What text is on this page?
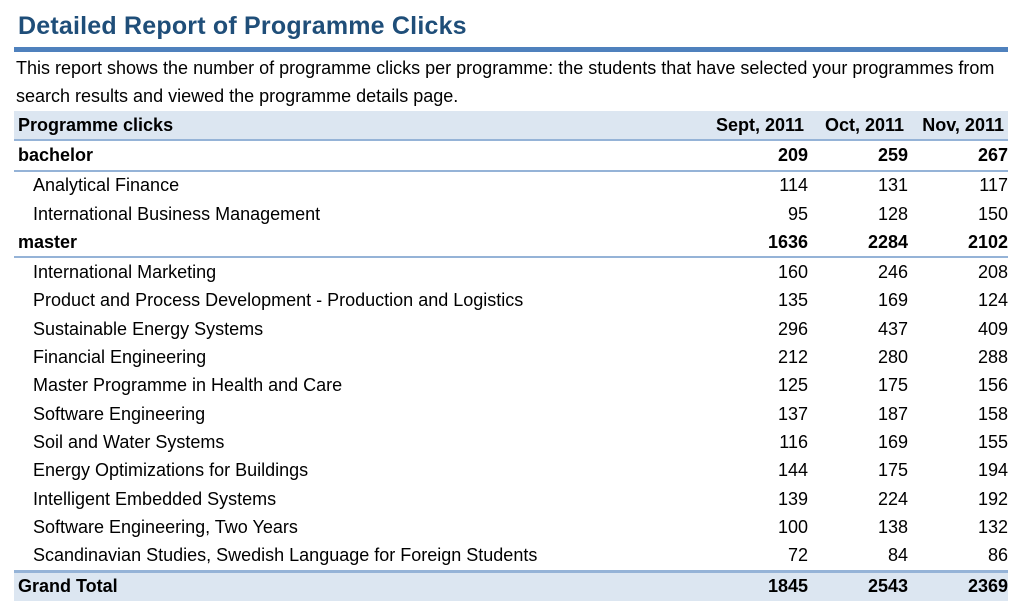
Detailed Report of Programme Clicks
This report shows the number of programme clicks per programme: the students that have selected your programmes from search results and viewed the programme details page.
Programme clicks	Sept, 2011	Oct, 2011	Nov, 2011
bachelor	209	259	267
Analytical Finance	114	131	117
International Business Management	95	128	150
master	1636	2284	2102
International Marketing	160	246	208
Product and Process Development - Production and Logistics	135	169	124
Sustainable Energy Systems	296	437	409
Financial Engineering	212	280	288
Master Programme in Health and Care	125	175	156
Software Engineering	137	187	158
Soil and Water Systems	116	169	155
Energy Optimizations for Buildings	144	175	194
Intelligent Embedded Systems	139	224	192
Software Engineering, Two Years	100	138	132
Scandinavian Studies, Swedish Language for Foreign Students	72	84	86
Grand Total	1845	2543	2369
